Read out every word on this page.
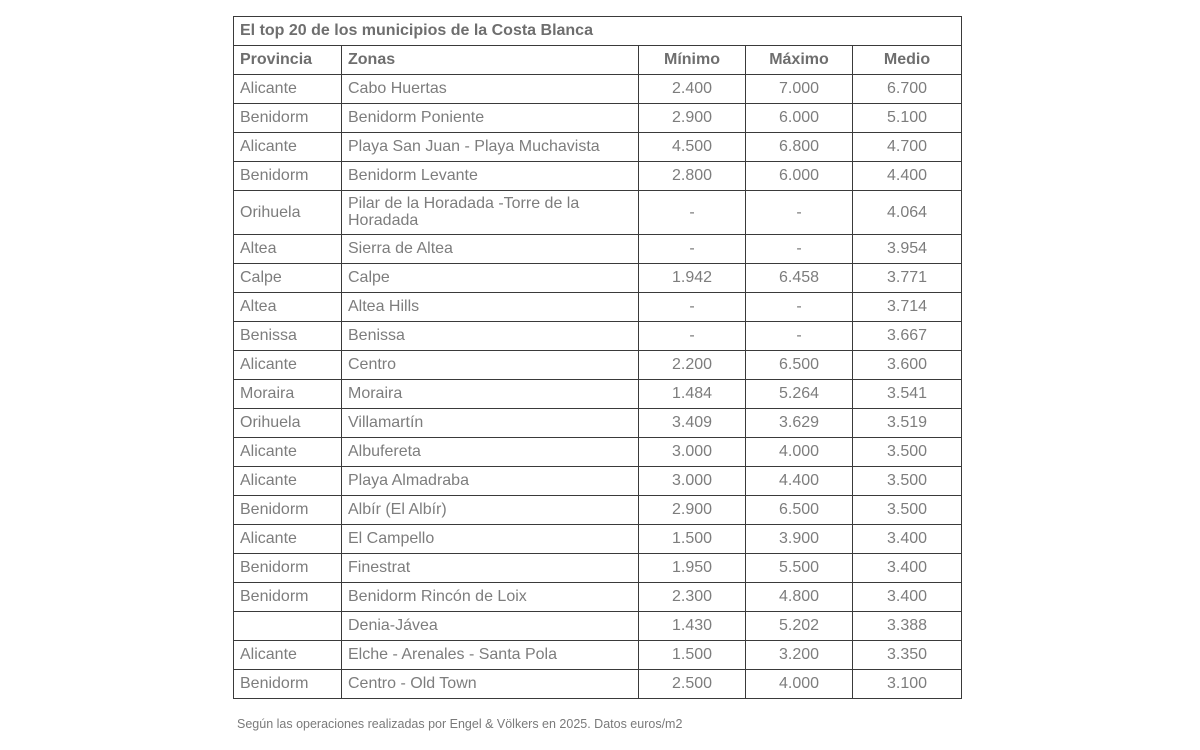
El top 20 de los municipios de la Costa Blanca				
Provincia	Zonas	Mínimo	Máximo	Medio
Alicante	Cabo Huertas	2.400	7.000	6.700
Benidorm	Benidorm Poniente	2.900	6.000	5.100
Alicante	Playa San Juan - Playa Muchavista	4.500	6.800	4.700
Benidorm	Benidorm Levante	2.800	6.000	4.400
Orihuela	Pilar de la Horadada -Torre de la Horadada	-	-	4.064
Altea	Sierra de Altea	-	-	3.954
Calpe	Calpe	1.942	6.458	3.771
Altea	Altea Hills	-	-	3.714
Benissa	Benissa	-	-	3.667
Alicante	Centro	2.200	6.500	3.600
Moraira	Moraira	1.484	5.264	3.541
Orihuela	Villamartín	3.409	3.629	3.519
Alicante	Albufereta	3.000	4.000	3.500
Alicante	Playa Almadraba	3.000	4.400	3.500
Benidorm	Albír (El Albír)	2.900	6.500	3.500
Alicante	El Campello	1.500	3.900	3.400
Benidorm	Finestrat	1.950	5.500	3.400
Benidorm	Benidorm Rincón de Loix	2.300	4.800	3.400
	Denia-Jávea	1.430	5.202	3.388
Alicante	Elche - Arenales - Santa Pola	1.500	3.200	3.350
Benidorm	Centro - Old Town	2.500	4.000	3.100
Según las operaciones realizadas por Engel & Völkers en 2025. Datos euros/m2
